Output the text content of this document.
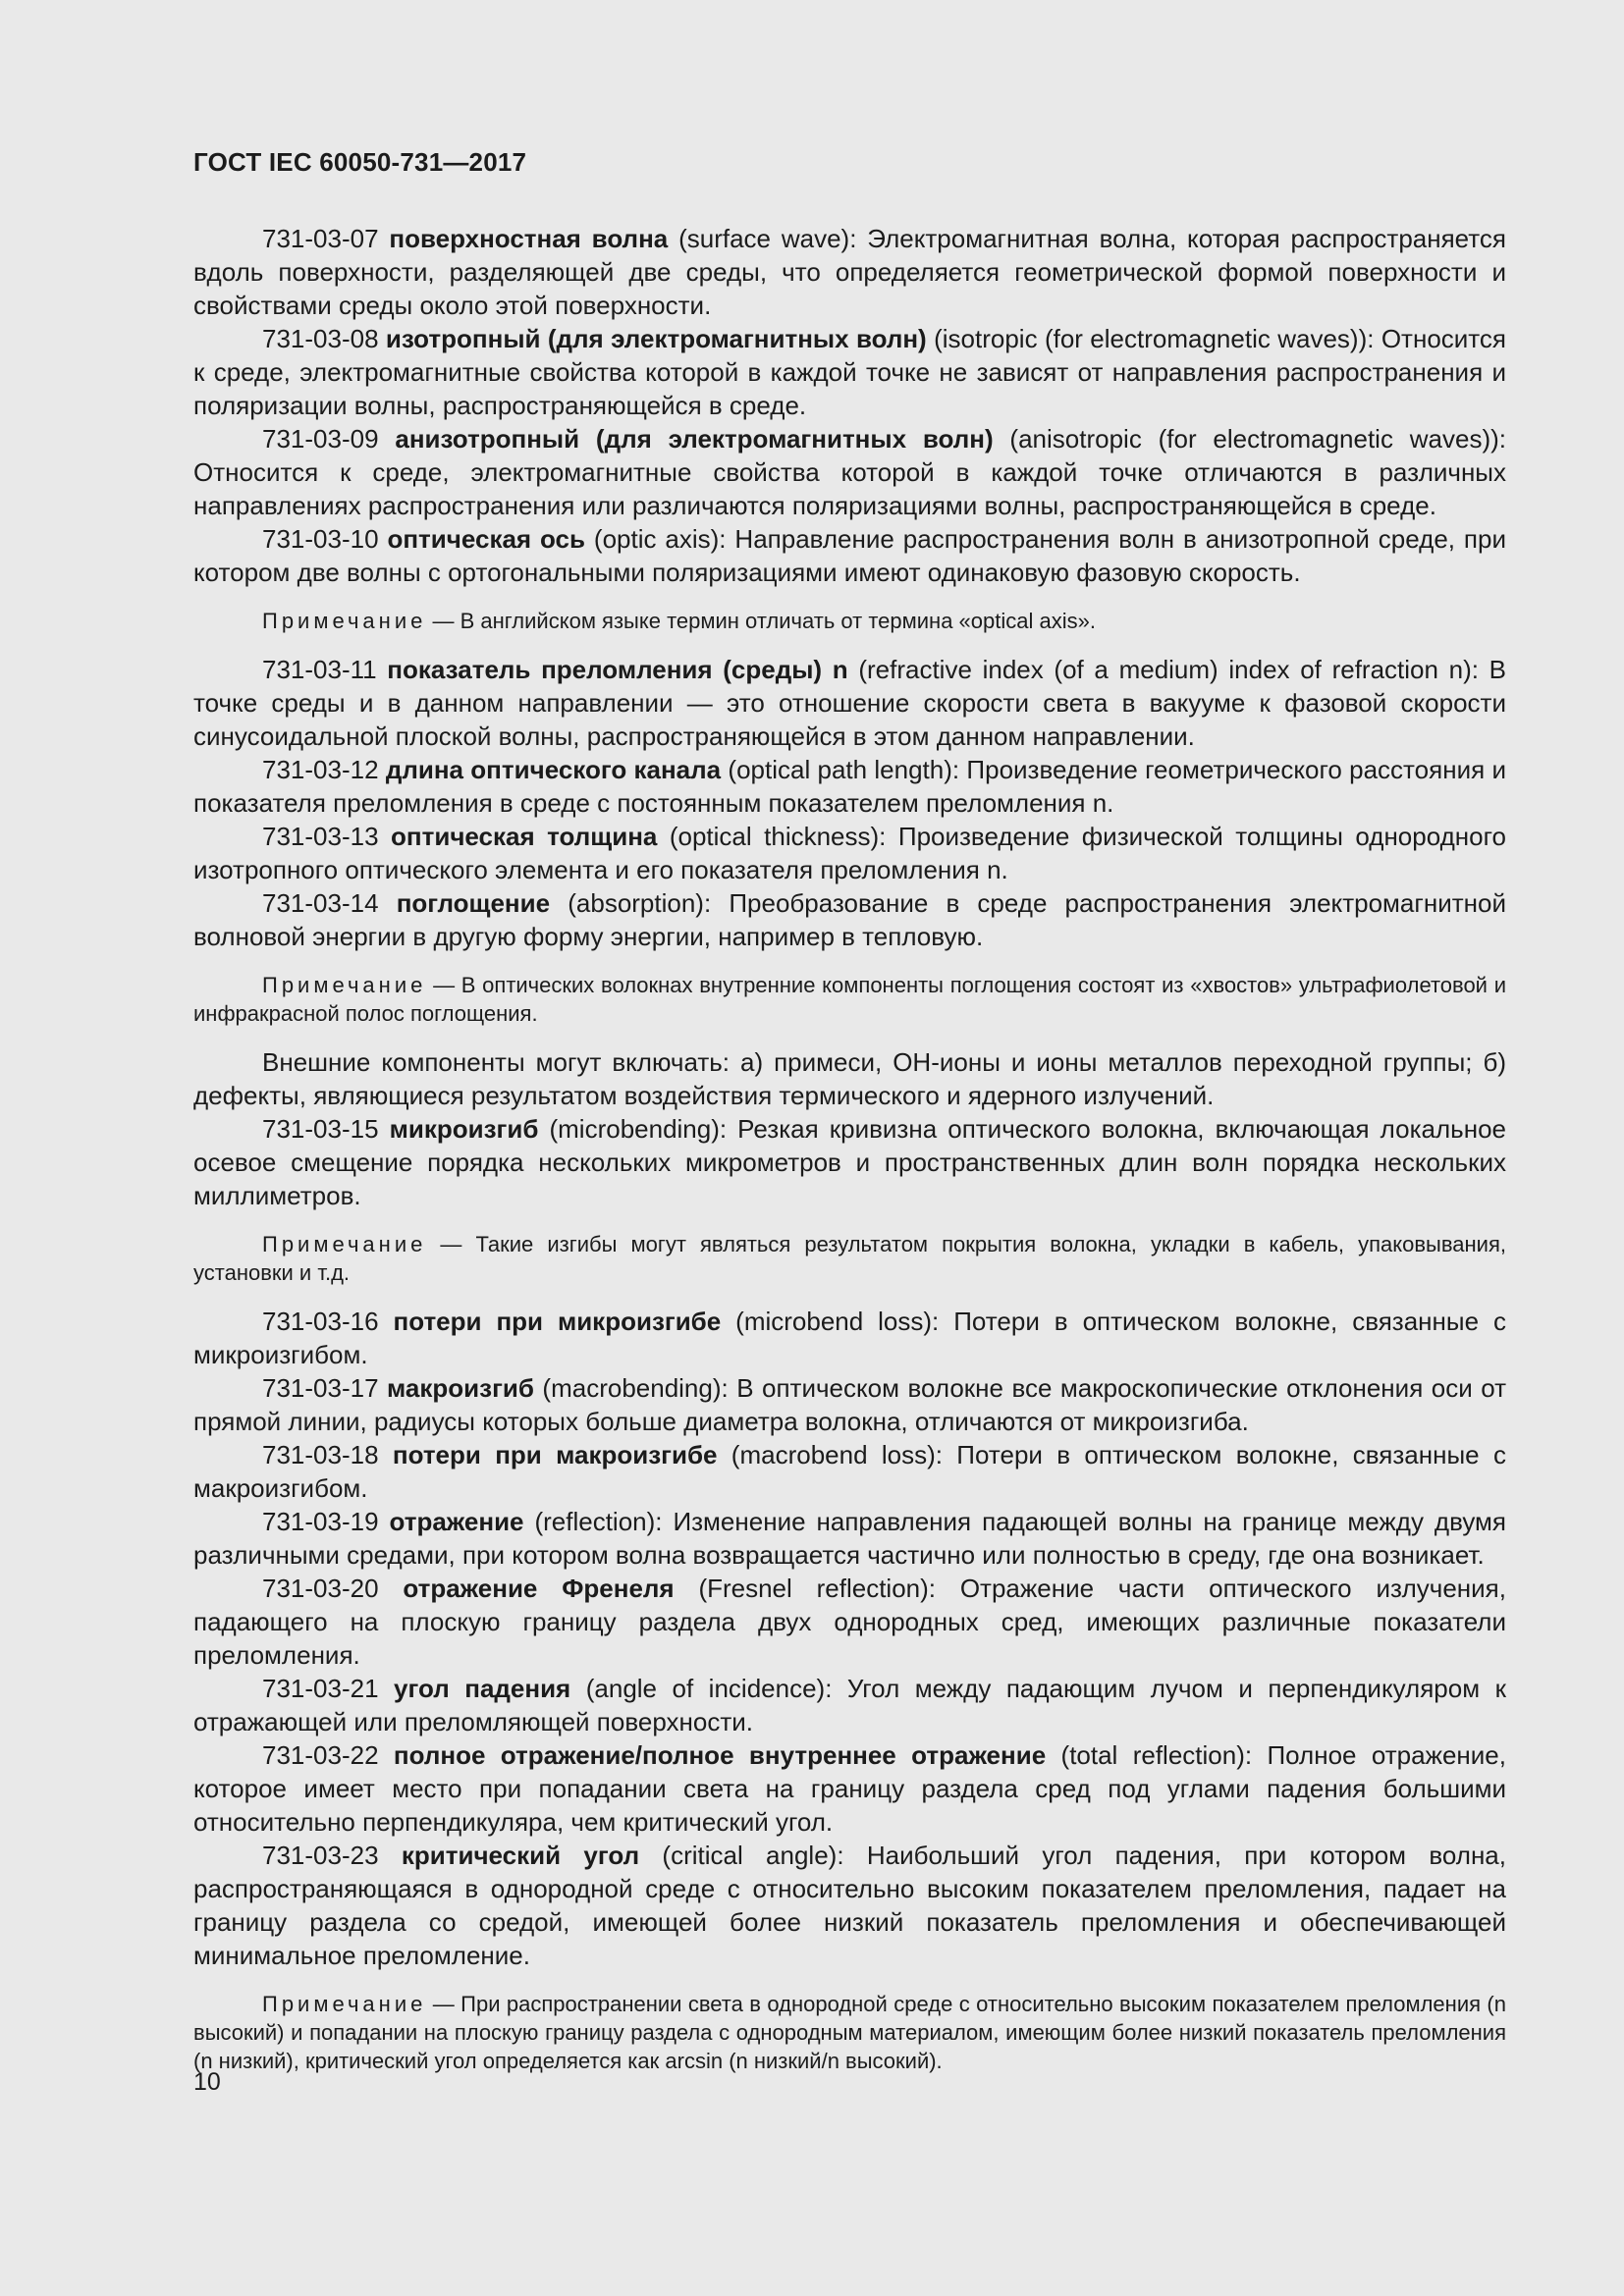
ГОСТ IEC 60050-731—2017

731-03-07 поверхностная волна (surface wave): Электромагнитная волна, которая распространяется вдоль поверхности, разделяющей две среды, что определяется геометрической формой поверхности и свойствами среды около этой поверхности.

731-03-08 изотропный (для электромагнитных волн) (isotropic (for electromagnetic waves)): Относится к среде, электромагнитные свойства которой в каждой точке не зависят от направления распространения и поляризации волны, распространяющейся в среде.

731-03-09 анизотропный (для электромагнитных волн) (anisotropic (for electromagnetic waves)): Относится к среде, электромагнитные свойства которой в каждой точке отличаются в различных направлениях распространения или различаются поляризациями волны, распространяющейся в среде.

731-03-10 оптическая ось (optic axis): Направление распространения волн в анизотропной среде, при котором две волны с ортогональными поляризациями имеют одинаковую фазовую скорость.

Примечание — В английском языке термин отличать от термина «optical axis».

731-03-11 показатель преломления (среды) n (refractive index (of a medium) index of refraction n): В точке среды и в данном направлении — это отношение скорости света в вакууме к фазовой скорости синусоидальной плоской волны, распространяющейся в этом данном направлении.

731-03-12 длина оптического канала (optical path length): Произведение геометрического расстояния и показателя преломления в среде с постоянным показателем преломления n.

731-03-13 оптическая толщина (optical thickness): Произведение физической толщины однородного изотропного оптического элемента и его показателя преломления n.

731-03-14 поглощение (absorption): Преобразование в среде распространения электромагнитной волновой энергии в другую форму энергии, например в тепловую.

Примечание — В оптических волокнах внутренние компоненты поглощения состоят из «хвостов» ультрафиолетовой и инфракрасной полос поглощения.

Внешние компоненты могут включать: а) примеси, ОН-ионы и ионы металлов переходной группы; б) дефекты, являющиеся результатом воздействия термического и ядерного излучений.

731-03-15 микроизгиб (microbending): Резкая кривизна оптического волокна, включающая локальное осевое смещение порядка нескольких микрометров и пространственных длин волн порядка нескольких миллиметров.

Примечание — Такие изгибы могут являться результатом покрытия волокна, укладки в кабель, упаковывания, установки и т.д.

731-03-16 потери при микроизгибе (microbend loss): Потери в оптическом волокне, связанные с микроизгибом.

731-03-17 макроизгиб (macrobending): В оптическом волокне все макроскопические отклонения оси от прямой линии, радиусы которых больше диаметра волокна, отличаются от микроизгиба.

731-03-18 потери при макроизгибе (macrobend loss): Потери в оптическом волокне, связанные с макроизгибом.

731-03-19 отражение (reflection): Изменение направления падающей волны на границе между двумя различными средами, при котором волна возвращается частично или полностью в среду, где она возникает.

731-03-20 отражение Френеля (Fresnel reflection): Отражение части оптического излучения, падающего на плоскую границу раздела двух однородных сред, имеющих различные показатели преломления.

731-03-21 угол падения (angle of incidence): Угол между падающим лучом и перпендикуляром к отражающей или преломляющей поверхности.

731-03-22 полное отражение/полное внутреннее отражение (total reflection): Полное отражение, которое имеет место при попадании света на границу раздела сред под углами падения большими относительно перпендикуляра, чем критический угол.

731-03-23 критический угол (critical angle): Наибольший угол падения, при котором волна, распространяющаяся в однородной среде с относительно высоким показателем преломления, падает на границу раздела со средой, имеющей более низкий показатель преломления и обеспечивающей минимальное преломление.

Примечание — При распространении света в однородной среде с относительно высоким показателем преломления (n высокий) и попадании на плоскую границу раздела с однородным материалом, имеющим более низкий показатель преломления (n низкий), критический угол определяется как arcsin (n низкий/n высокий).

10
